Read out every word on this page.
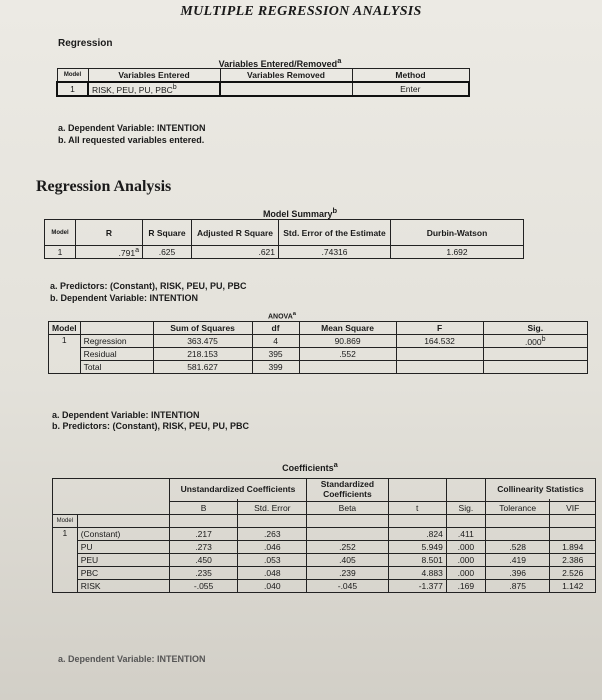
MULTIPLE REGRESSION ANALYSIS
Regression
Variables Entered/Removed$^a$
Model	Variables Entered	Variables Removed	Method
1	RISK, PEU, PU, PBC$^b$		Enter
a. Dependent Variable: INTENTION
b. All requested variables entered.
Regression Analysis
Model Summary$^b$
Model	R	R Square	Adjusted R Square	Std. Error of the Estimate	Durbin-Watson
1	.791$^a$	.625	.621	.74316	1.692
a. Predictors: (Constant), RISK, PEU, PU, PBC
b. Dependent Variable: INTENTION
ANOVA$^a$
Model		Sum of Squares	df	Mean Square	F	Sig.
1	Regression	363.475	4	90.869	164.532	.000$^b$
	Residual	218.153	395	.552		
	Total	581.627	399			
a. Dependent Variable: INTENTION
b. Predictors: (Constant), RISK, PEU, PU, PBC
Coefficients$^a$
		Unstandardized Coefficients		Standardized Coefficients			Collinearity Statistics	

		B	Std. Error	Beta	t	Sig.	Tolerance	VIF
Model								
1	(Constant)	.217	.263		.824	.411		
	PU	.273	.046	.252	5.949	.000	.528	1.894
	PEU	.450	.053	.405	8.501	.000	.419	2.386
	PBC	.235	.048	.239	4.883	.000	.396	2.526
	RISK	-.055	.040	-.045	-1.377	.169	.875	1.142
a. Dependent Variable: INTENTION
